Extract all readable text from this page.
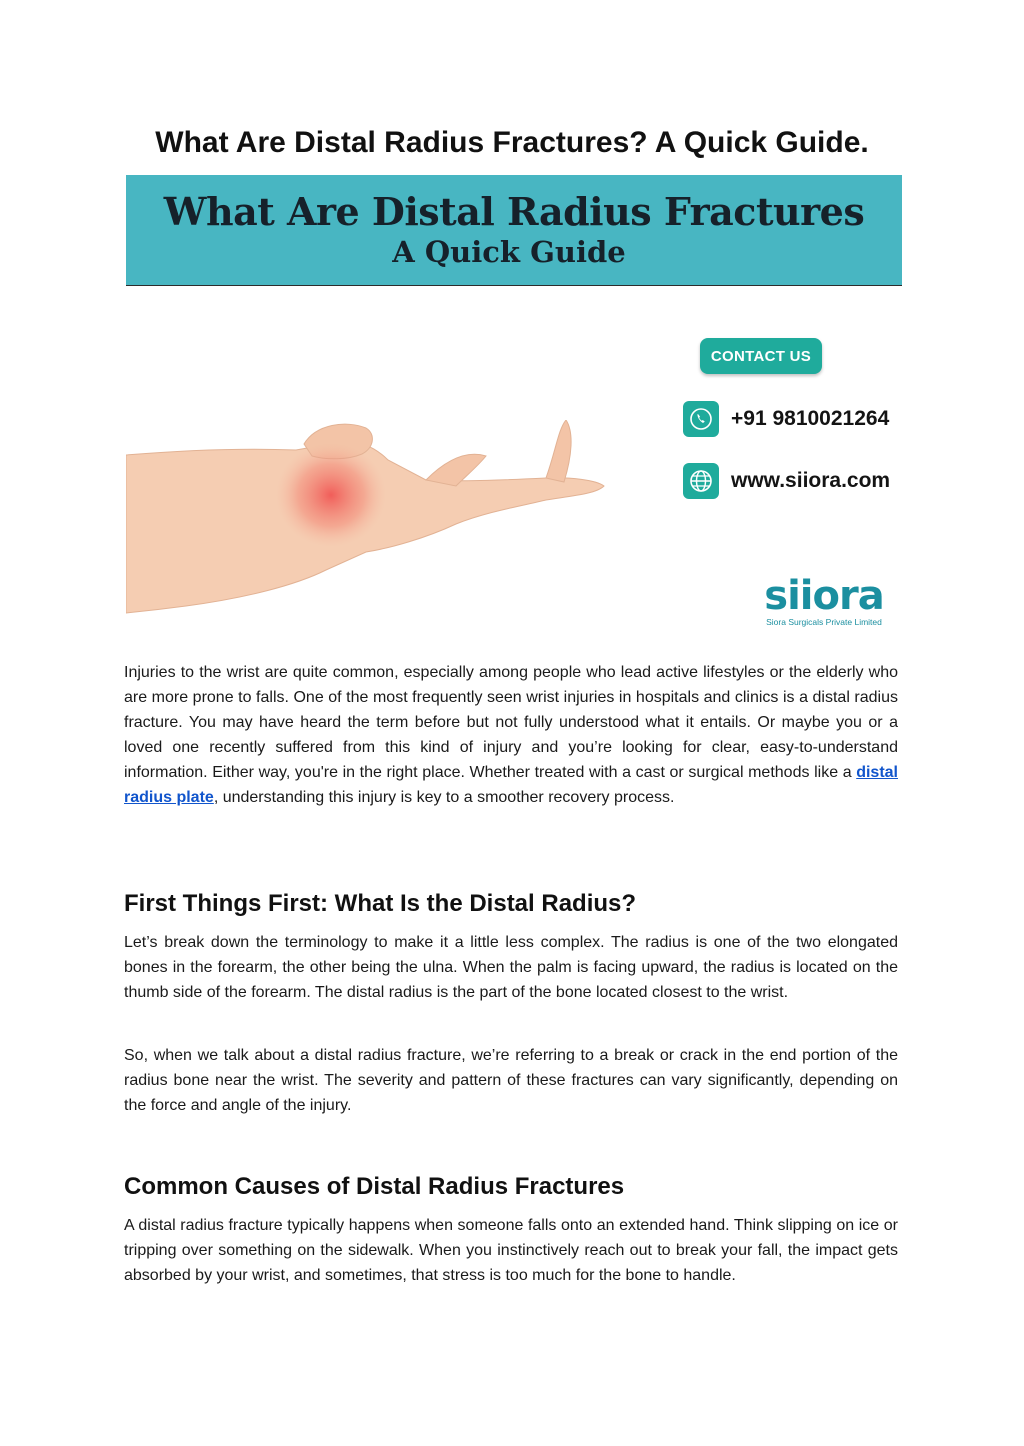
What Are Distal Radius Fractures? A Quick Guide.
What Are Distal Radius Fractures
A Quick Guide
CONTACT US
+91 9810021264
www.siiora.com
siiora
Siora Surgicals Private Limited

Injuries to the wrist are quite common, especially among people who lead active lifestyles or the elderly who are more prone to falls. One of the most frequently seen wrist injuries in hospitals and clinics is a distal radius fracture. You may have heard the term before but not fully understood what it entails. Or maybe you or a loved one recently suffered from this kind of injury and you’re looking for clear, easy-to-understand information. Either way, you're in the right place. Whether treated with a cast or surgical methods like a distal radius plate, understanding this injury is key to a smoother recovery process.

First Things First: What Is the Distal Radius?

Let’s break down the terminology to make it a little less complex. The radius is one of the two elongated bones in the forearm, the other being the ulna. When the palm is facing upward, the radius is located on the thumb side of the forearm. The distal radius is the part of the bone located closest to the wrist.

So, when we talk about a distal radius fracture, we’re referring to a break or crack in the end portion of the radius bone near the wrist. The severity and pattern of these fractures can vary significantly, depending on the force and angle of the injury.

Common Causes of Distal Radius Fractures

A distal radius fracture typically happens when someone falls onto an extended hand. Think slipping on ice or tripping over something on the sidewalk. When you instinctively reach out to break your fall, the impact gets absorbed by your wrist, and sometimes, that stress is too much for the bone to handle.
